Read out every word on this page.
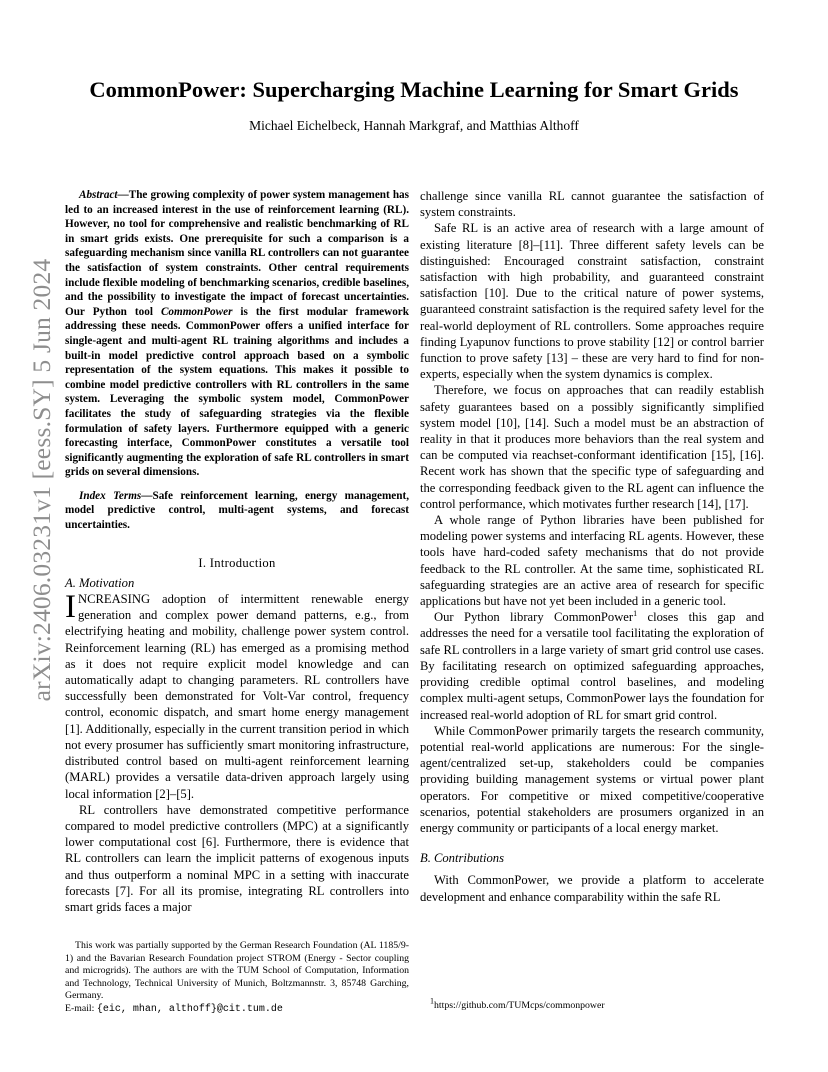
arXiv:2406.03231v1 [eess.SY] 5 Jun 2024
CommonPower: Supercharging Machine Learning for Smart Grids
Michael Eichelbeck, Hannah Markgraf, and Matthias Althoff

Abstract—The growing complexity of power system management has led to an increased interest in the use of reinforcement learning (RL). However, no tool for comprehensive and realistic benchmarking of RL in smart grids exists. One prerequisite for such a comparison is a safeguarding mechanism since vanilla RL controllers can not guarantee the satisfaction of system constraints. Other central requirements include flexible modeling of benchmarking scenarios, credible baselines, and the possibility to investigate the impact of forecast uncertainties. Our Python tool CommonPower is the first modular framework addressing these needs. CommonPower offers a unified interface for single-agent and multi-agent RL training algorithms and includes a built-in model predictive control approach based on a symbolic representation of the system equations. This makes it possible to combine model predictive controllers with RL controllers in the same system. Leveraging the symbolic system model, CommonPower facilitates the study of safeguarding strategies via the flexible formulation of safety layers. Furthermore equipped with a generic forecasting interface, CommonPower constitutes a versatile tool significantly augmenting the exploration of safe RL controllers in smart grids on several dimensions.

Index Terms—Safe reinforcement learning, energy management, model predictive control, multi-agent systems, and forecast uncertainties.

I. Introduction

A. Motivation

INCREASING adoption of intermittent renewable energy generation and complex power demand patterns, e.g., from electrifying heating and mobility, challenge power system control. Reinforcement learning (RL) has emerged as a promising method as it does not require explicit model knowledge and can automatically adapt to changing parameters. RL controllers have successfully been demonstrated for Volt-Var control, frequency control, economic dispatch, and smart home energy management [1]. Additionally, especially in the current transition period in which not every prosumer has sufficiently smart monitoring infrastructure, distributed control based on multi-agent reinforcement learning (MARL) provides a versatile data-driven approach largely using local information [2]–[5].

RL controllers have demonstrated competitive performance compared to model predictive controllers (MPC) at a significantly lower computational cost [6]. Furthermore, there is evidence that RL controllers can learn the implicit patterns of exogenous inputs and thus outperform a nominal MPC in a setting with inaccurate forecasts [7]. For all its promise, integrating RL controllers into smart grids faces a major

This work was partially supported by the German Research Foundation (AL 1185/9-1) and the Bavarian Research Foundation project STROM (Energy - Sector coupling and microgrids). The authors are with the TUM School of Computation, Information and Technology, Technical University of Munich, Boltzmannstr. 3, 85748 Garching, Germany.

E-mail: {eic, mhan, althoff}@cit.tum.de

challenge since vanilla RL cannot guarantee the satisfaction of system constraints.

Safe RL is an active area of research with a large amount of existing literature [8]–[11]. Three different safety levels can be distinguished: Encouraged constraint satisfaction, constraint satisfaction with high probability, and guaranteed constraint satisfaction [10]. Due to the critical nature of power systems, guaranteed constraint satisfaction is the required safety level for the real-world deployment of RL controllers. Some approaches require finding Lyapunov functions to prove stability [12] or control barrier function to prove safety [13] – these are very hard to find for non-experts, especially when the system dynamics is complex.

Therefore, we focus on approaches that can readily establish safety guarantees based on a possibly significantly simplified system model [10], [14]. Such a model must be an abstraction of reality in that it produces more behaviors than the real system and can be computed via reachset-conformant identification [15], [16]. Recent work has shown that the specific type of safeguarding and the corresponding feedback given to the RL agent can influence the control performance, which motivates further research [14], [17].

A whole range of Python libraries have been published for modeling power systems and interfacing RL agents. However, these tools have hard-coded safety mechanisms that do not provide feedback to the RL controller. At the same time, sophisticated RL safeguarding strategies are an active area of research for specific applications but have not yet been included in a generic tool.

Our Python library CommonPower$^1$ closes this gap and addresses the need for a versatile tool facilitating the exploration of safe RL controllers in a large variety of smart grid control use cases. By facilitating research on optimized safeguarding approaches, providing credible optimal control baselines, and modeling complex multi-agent setups, CommonPower lays the foundation for increased real-world adoption of RL for smart grid control.

While CommonPower primarily targets the research community, potential real-world applications are numerous: For the single-agent/centralized set-up, stakeholders could be companies providing building management systems or virtual power plant operators. For competitive or mixed competitive/cooperative scenarios, potential stakeholders are prosumers organized in an energy community or participants of a local energy market.

B. Contributions

With CommonPower, we provide a platform to accelerate development and enhance comparability within the safe RL

$^1$https://github.com/TUMcps/commonpower
